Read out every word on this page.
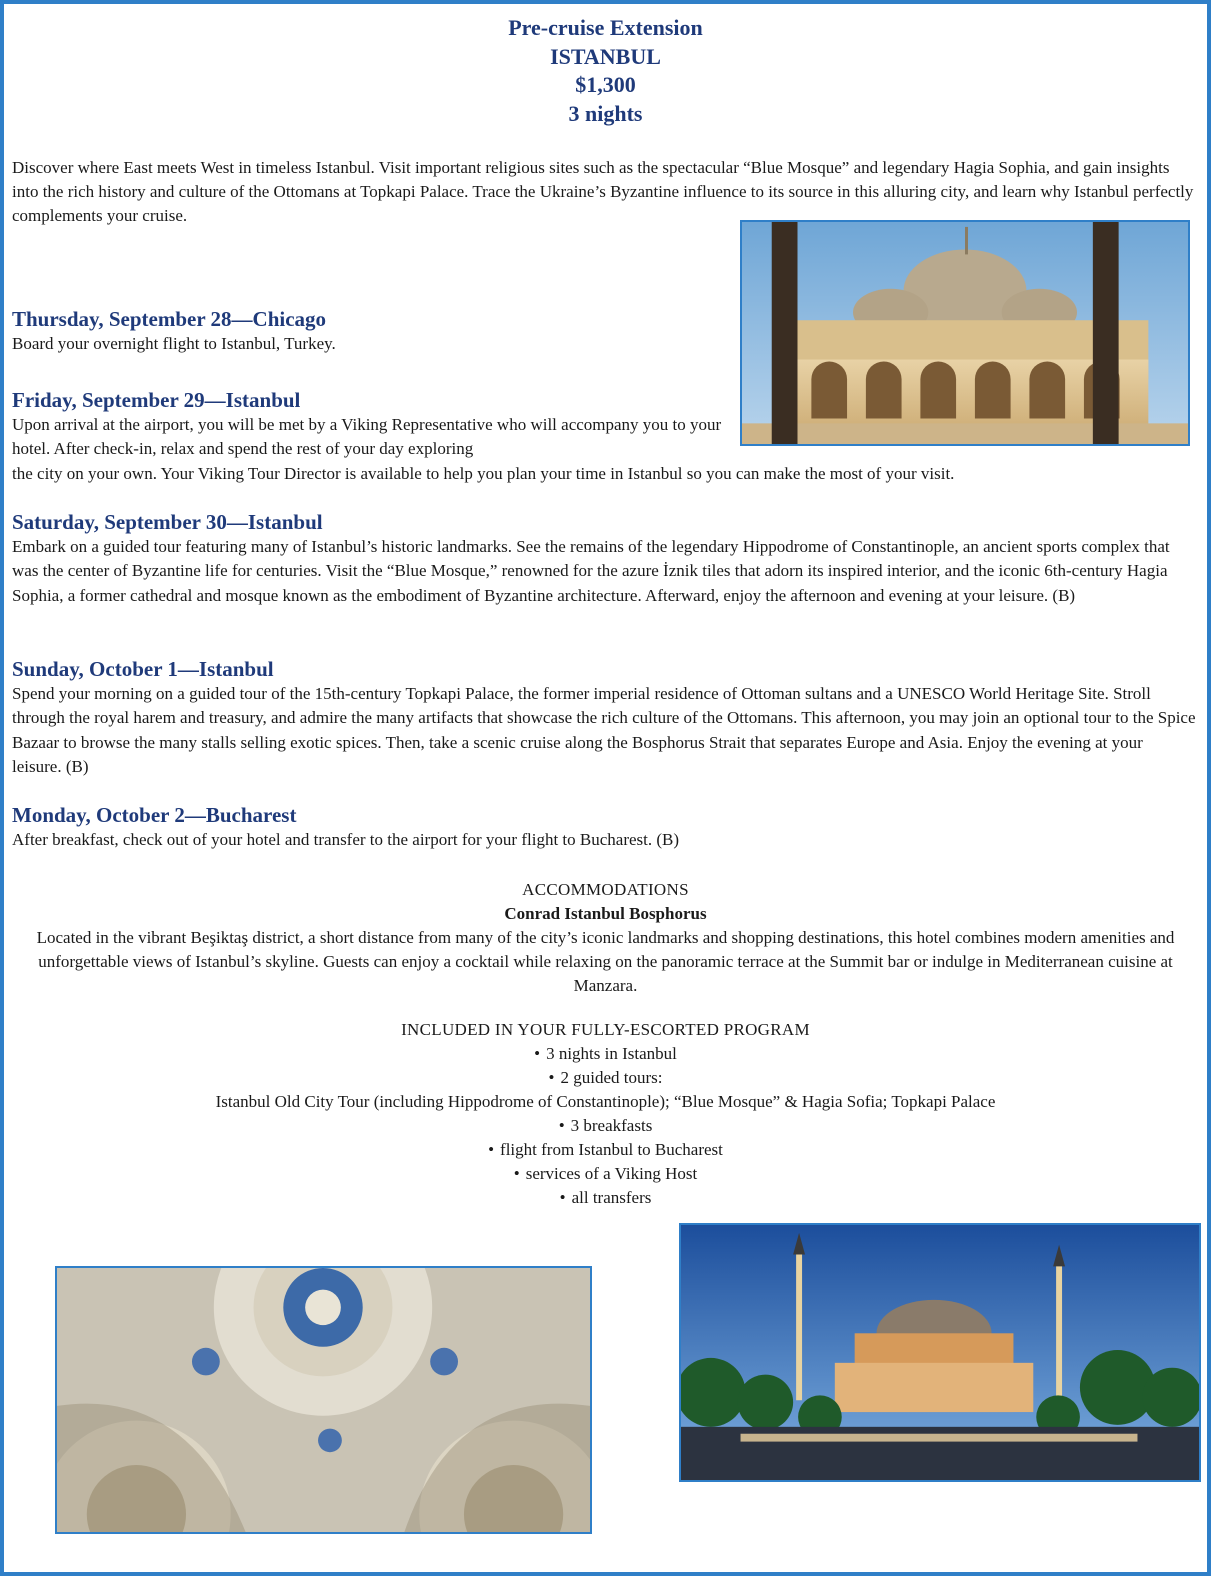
Pre-cruise Extension
ISTANBUL
$1,300
3 nights

Discover where East meets West in timeless Istanbul. Visit important religious sites such as the spectacular “Blue Mosque” and legendary Hagia Sophia, and gain insights into the rich history and culture of the Ottomans at Topkapi Palace. Trace the Ukraine’s Byzantine influence to its source in this alluring city, and learn why Istanbul perfectly complements your cruise.

Thursday, September 28—Chicago

Board your overnight flight to Istanbul, Turkey.

Friday, September 29—Istanbul

Upon arrival at the airport, you will be met by a Viking Representative who will accompany you to your hotel. After check-in, relax and spend the rest of your day exploring
the city on your own. Your Viking Tour Director is available to help you plan your time in Istanbul so you can make the most of your visit.

Saturday, September 30—Istanbul

Embark on a guided tour featuring many of Istanbul’s historic landmarks. See the remains of the legendary Hippodrome of Constantinople, an ancient sports complex that was the center of Byzantine life for centuries. Visit the “Blue Mosque,” renowned for the azure İznik tiles that adorn its inspired interior, and the iconic 6th-century Hagia Sophia, a former cathedral and mosque known as the embodiment of Byzantine architecture. Afterward, enjoy the afternoon and evening at your leisure. (B)

Sunday, October 1—Istanbul

Spend your morning on a guided tour of the 15th-century Topkapi Palace, the former imperial residence of Ottoman sultans and a UNESCO World Heritage Site. Stroll through the royal harem and treasury, and admire the many artifacts that showcase the rich culture of the Ottomans. This afternoon, you may join an optional tour to the Spice Bazaar to browse the many stalls selling exotic spices. Then, take a scenic cruise along the Bosphorus Strait that separates Europe and Asia. Enjoy the evening at your leisure. (B)

Monday, October 2—Bucharest

After breakfast, check out of your hotel and transfer to the airport for your flight to Bucharest. (B)

ACCOMMODATIONS
Conrad Istanbul Bosphorus

Located in the vibrant Beşiktaş district, a short distance from many of the city’s iconic landmarks and shopping destinations, this hotel combines modern amenities and unforgettable views of Istanbul’s skyline. Guests can enjoy a cocktail while relaxing on the panoramic terrace at the Summit bar or indulge in Mediterranean cuisine at Manzara.

INCLUDED IN YOUR FULLY-ESCORTED PROGRAM
• 3 nights in Istanbul
• 2 guided tours:
Istanbul Old City Tour (including Hippodrome of Constantinople); “Blue Mosque” & Hagia Sofia; Topkapi Palace
• 3 breakfasts
• flight from Istanbul to Bucharest
• services of a Viking Host
• all transfers
